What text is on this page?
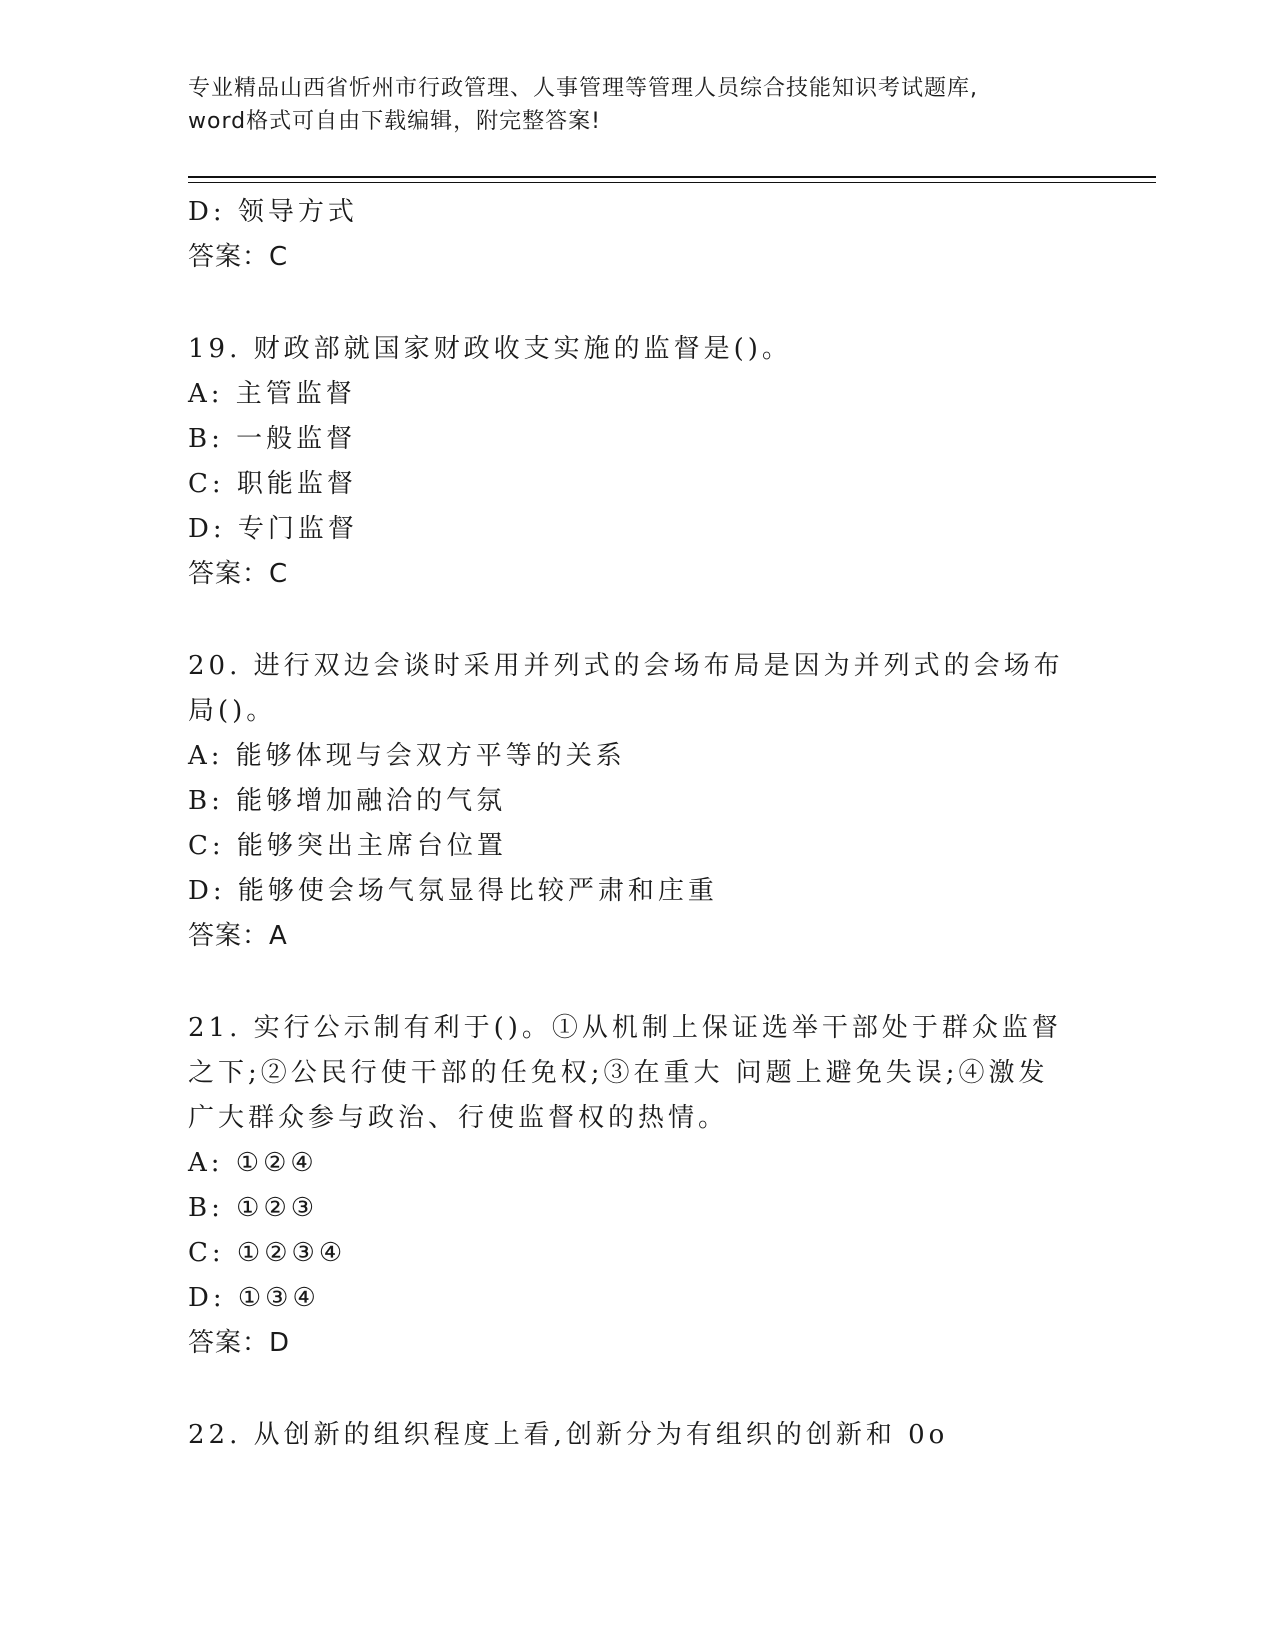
专业精品山西省忻州市行政管理、人事管理等管理人员综合技能知识考试题库,
word格式可自由下载编辑，附完整答案!
D: 领导方式
答案：C
19. 财政部就国家财政收支实施的监督是()。
A: 主管监督
B: 一般监督
C: 职能监督
D: 专门监督
答案：C
20. 进行双边会谈时采用并列式的会场布局是因为并列式的会场布局()。
A: 能够体现与会双方平等的关系
B: 能够增加融洽的气氛
C: 能够突出主席台位置
D: 能够使会场气氛显得比较严肃和庄重
答案：A
21. 实行公示制有利于()。①从机制上保证选举干部处于群众监督之下;②公民行使干部的任免权;③在重大 问题上避免失误;④激发广大群众参与政治、行使监督权的热情。
A: ①②④
B: ①②③
C: ①②③④
D: ①③④
答案：D
22. 从创新的组织程度上看,创新分为有组织的创新和 0o
